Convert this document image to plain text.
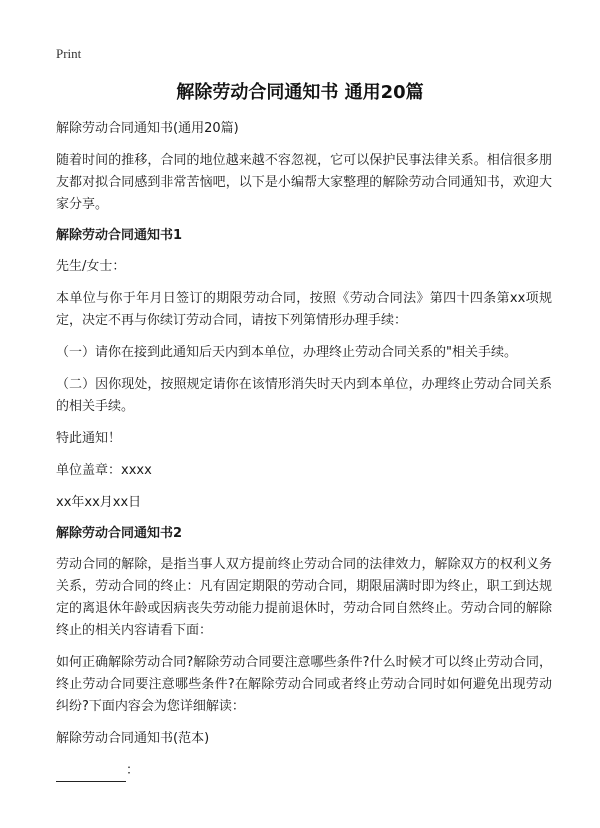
Print
解除劳动合同通知书 通用20篇

解除劳动合同通知书(通用20篇)

随着时间的推移，合同的地位越来越不容忽视，它可以保护民事法律关系。相信很多朋友都对拟合同感到非常苦恼吧，以下是小编帮大家整理的解除劳动合同通知书，欢迎大家分享。

解除劳动合同通知书1

先生/女士：

本单位与你于年月日签订的期限劳动合同，按照《劳动合同法》第四十四条第xx项规定，决定不再与你续订劳动合同，请按下列第情形办理手续：

（一）请你在接到此通知后天内到本单位，办理终止劳动合同关系的"相关手续。

（二）因你现处，按照规定请你在该情形消失时天内到本单位，办理终止劳动合同关系的相关手续。

特此通知！

单位盖章：xxxx

xx年xx月xx日

解除劳动合同通知书2

劳动合同的解除，是指当事人双方提前终止劳动合同的法律效力，解除双方的权利义务关系，劳动合同的终止：凡有固定期限的劳动合同，期限届满时即为终止，职工到达规定的离退休年龄或因病丧失劳动能力提前退休时，劳动合同自然终止。劳动合同的解除终止的相关内容请看下面：

如何正确解除劳动合同?解除劳动合同要注意哪些条件?什么时候才可以终止劳动合同，终止劳动合同要注意哪些条件?在解除劳动合同或者终止劳动合同时如何避免出现劳动纠纷?下面内容会为您详细解读：

解除劳动合同通知书(范本)

：
